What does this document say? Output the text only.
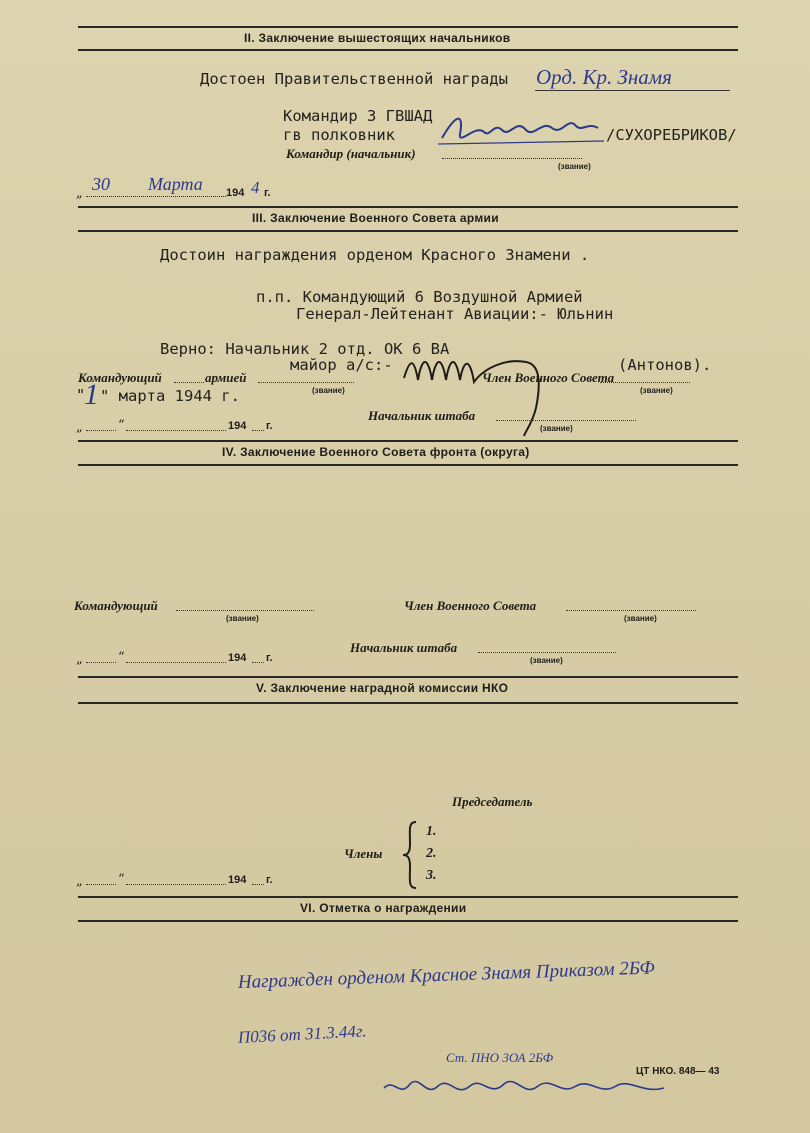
II. Заключение вышестоящих начальников
Достоен Правительственной награды Орд. Кр. Знамя
Командир 3 ГВШАД
гв полковник	/СУХОРЕБРИКОВ/
Командир (начальник)
(звание)
„ 30 Марта 194 4 г.
III. Заключение Военного Совета армии
Достоин награждения орденом Красного Знамени .
п.п. Командующий 6 Воздушной Армией
Генерал-Лейтенант Авиации:- Юльнин
Верно: Начальник 2 отд. ОК 6 ВА
майор а/с:-	(Антонов).
Командующий	армией
(звание)
Член Военного Совета
(звание)
"
1 " марта 1944 г.
Начальник штаба
(звание)
„	“	194 г.
IV. Заключение Военного Совета фронта (округа)
Командующий
(звание)
Член Военного Совета
(звание)
Начальник штаба
(звание)
„	“	194 г.
V. Заключение наградной комиссии НКО
Председатель
Члены
1.
2.
3.
„	“	194 г.
VI. Отметка о награждении
Награжден орденом Красное Знамя Приказом 2БФ
П036 от 31.3.44г.
Ст. ПНО 3ОА 2БФ
ЦТ НКО. 848— 43
